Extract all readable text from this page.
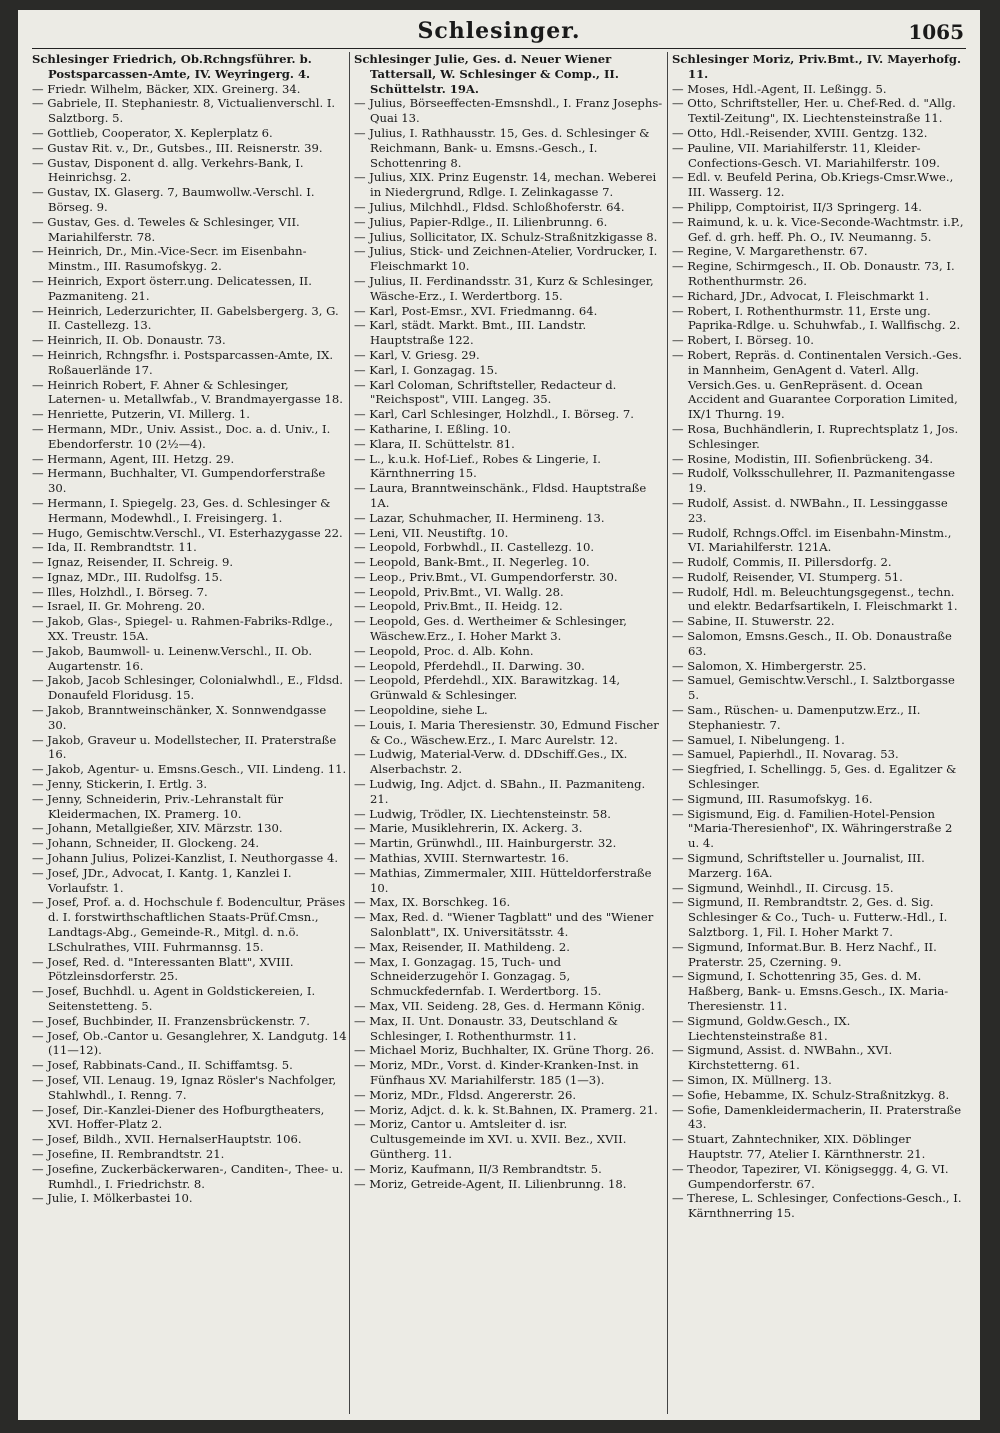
Schlesinger.	1065

Schlesinger Friedrich, Ob.Rchngsführer. b. Postsparcassen-Amte, IV. Weyringerg. 4.

— Friedr. Wilhelm, Bäcker, XIX. Greinerg. 34.

— Gabriele, II. Stephaniestr. 8, Victualienverschl. I. Salztborg. 5.

— Gottlieb, Cooperator, X. Keplerplatz 6.

— Gustav Rit. v., Dr., Gutsbes., III. Reisnerstr. 39.

— Gustav, Disponent d. allg. Verkehrs-Bank, I. Heinrichsg. 2.

— Gustav, IX. Glaserg. 7, Baumwollw.-Verschl. I. Börseg. 9.

— Gustav, Ges. d. Teweles & Schlesinger, VII. Mariahilferstr. 78.

— Heinrich, Dr., Min.-Vice-Secr. im Eisenbahn-Minstm., III. Rasumofskyg. 2.

— Heinrich, Export österr.ung. Delicatessen, II. Pazmaniteng. 21.

— Heinrich, Lederzurichter, II. Gabelsbergerg. 3, G. II. Castellezg. 13.

— Heinrich, II. Ob. Donaustr. 73.

— Heinrich, Rchngsfhr. i. Postsparcassen-Amte, IX. Roßauerlände 17.

— Heinrich Robert, F. Ahner & Schlesinger, Laternen- u. Metallwfab., V. Brandmayergasse 18.

— Henriette, Putzerin, VI. Millerg. 1.

— Hermann, MDr., Univ. Assist., Doc. a. d. Univ., I. Ebendorferstr. 10 (2½—4).

— Hermann, Agent, III. Hetzg. 29.

— Hermann, Buchhalter, VI. Gumpendorferstraße 30.

— Hermann, I. Spiegelg. 23, Ges. d. Schlesinger & Hermann, Modewhdl., I. Freisingerg. 1.

— Hugo, Gemischtw.Verschl., VI. Esterhazygasse 22.

— Ida, II. Rembrandtstr. 11.

— Ignaz, Reisender, II. Schreig. 9.

— Ignaz, MDr., III. Rudolfsg. 15.

— Illes, Holzhdl., I. Börseg. 7.

— Israel, II. Gr. Mohreng. 20.

— Jakob, Glas-, Spiegel- u. Rahmen-Fabriks-Rdlge., XX. Treustr. 15A.

— Jakob, Baumwoll- u. Leinenw.Verschl., II. Ob. Augartenstr. 16.

— Jakob, Jacob Schlesinger, Colonialwhdl., E., Fldsd. Donaufeld Floridusg. 15.

— Jakob, Branntweinschänker, X. Sonnwendgasse 30.

— Jakob, Graveur u. Modellstecher, II. Praterstraße 16.

— Jakob, Agentur- u. Emsns.Gesch., VII. Lindeng. 11.

— Jenny, Stickerin, I. Ertlg. 3.

— Jenny, Schneiderin, Priv.-Lehranstalt für Kleidermachen, IX. Pramerg. 10.

— Johann, Metallgießer, XIV. Märzstr. 130.

— Johann, Schneider, II. Glockeng. 24.

— Johann Julius, Polizei-Kanzlist, I. Neuthorgasse 4.

— Josef, JDr., Advocat, I. Kantg. 1, Kanzlei I. Vorlaufstr. 1.

— Josef, Prof. a. d. Hochschule f. Bodencultur, Präses d. I. forstwirthschaftlichen Staats-Prüf.Cmsn., Landtags-Abg., Gemeinde-R., Mitgl. d. n.ö. LSchulrathes, VIII. Fuhrmannsg. 15.

— Josef, Red. d. "Interessanten Blatt", XVIII. Pötzleinsdorferstr. 25.

— Josef, Buchhdl. u. Agent in Goldstickereien, I. Seitenstetteng. 5.

— Josef, Buchbinder, II. Franzensbrückenstr. 7.

— Josef, Ob.-Cantor u. Gesanglehrer, X. Landgutg. 14 (11—12).

— Josef, Rabbinats-Cand., II. Schiffamtsg. 5.

— Josef, VII. Lenaug. 19, Ignaz Rösler's Nachfolger, Stahlwhdl., I. Renng. 7.

— Josef, Dir.-Kanzlei-Diener des Hofburgtheaters, XVI. Hoffer-Platz 2.

— Josef, Bildh., XVII. HernalserHauptstr. 106.

— Josefine, II. Rembrandtstr. 21.

— Josefine, Zuckerbäckerwaren-, Canditen-, Thee- u. Rumhdl., I. Friedrichstr. 8.

— Julie, I. Mölkerbastei 10.

Schlesinger Julie, Ges. d. Neuer Wiener Tattersall, W. Schlesinger & Comp., II. Schüttelstr. 19A.

— Julius, Börseeffecten-Emsnshdl., I. Franz Josephs-Quai 13.

— Julius, I. Rathhausstr. 15, Ges. d. Schlesinger & Reichmann, Bank- u. Emsns.-Gesch., I. Schottenring 8.

— Julius, XIX. Prinz Eugenstr. 14, mechan. Weberei in Niedergrund, Rdlge. I. Zelinkagasse 7.

— Julius, Milchhdl., Fldsd. Schloßhoferstr. 64.

— Julius, Papier-Rdlge., II. Lilienbrunng. 6.

— Julius, Sollicitator, IX. Schulz-Straßnitzkigasse 8.

— Julius, Stick- und Zeichnen-Atelier, Vordrucker, I. Fleischmarkt 10.

— Julius, II. Ferdinandsstr. 31, Kurz & Schlesinger, Wäsche-Erz., I. Werdertborg. 15.

— Karl, Post-Emsr., XVI. Friedmanng. 64.

— Karl, städt. Markt. Bmt., III. Landstr. Hauptstraße 122.

— Karl, V. Griesg. 29.

— Karl, I. Gonzagag. 15.

— Karl Coloman, Schriftsteller, Redacteur d. "Reichspost", VIII. Langeg. 35.

— Karl, Carl Schlesinger, Holzhdl., I. Börseg. 7.

— Katharine, I. Eßling. 10.

— Klara, II. Schüttelstr. 81.

— L., k.u.k. Hof-Lief., Robes & Lingerie, I. Kärnthnerring 15.

— Laura, Branntweinschänk., Fldsd. Hauptstraße 1A.

— Lazar, Schuhmacher, II. Hermineng. 13.

— Leni, VII. Neustiftg. 10.

— Leopold, Forbwhdl., II. Castellezg. 10.

— Leopold, Bank-Bmt., II. Negerleg. 10.

— Leop., Priv.Bmt., VI. Gumpendorferstr. 30.

— Leopold, Priv.Bmt., VI. Wallg. 28.

— Leopold, Priv.Bmt., II. Heidg. 12.

— Leopold, Ges. d. Wertheimer & Schlesinger, Wäschew.Erz., I. Hoher Markt 3.

— Leopold, Proc. d. Alb. Kohn.

— Leopold, Pferdehdl., II. Darwing. 30.

— Leopold, Pferdehdl., XIX. Barawitzkag. 14, Grünwald & Schlesinger.

— Leopoldine, siehe L.

— Louis, I. Maria Theresienstr. 30, Edmund Fischer & Co., Wäschew.Erz., I. Marc Aurelstr. 12.

— Ludwig, Material-Verw. d. DDschiff.Ges., IX. Alserbachstr. 2.

— Ludwig, Ing. Adjct. d. SBahn., II. Pazmaniteng. 21.

— Ludwig, Trödler, IX. Liechtensteinstr. 58.

— Marie, Musiklehrerin, IX. Ackerg. 3.

— Martin, Grünwhdl., III. Hainburgerstr. 32.

— Mathias, XVIII. Sternwartestr. 16.

— Mathias, Zimmermaler, XIII. Hütteldorferstraße 10.

— Max, IX. Borschkeg. 16.

— Max, Red. d. "Wiener Tagblatt" und des "Wiener Salonblatt", IX. Universitätsstr. 4.

— Max, Reisender, II. Mathildeng. 2.

— Max, I. Gonzagag. 15, Tuch- und Schneiderzugehör I. Gonzagag. 5, Schmuckfedernfab. I. Werdertborg. 15.

— Max, VII. Seideng. 28, Ges. d. Hermann König.

— Max, II. Unt. Donaustr. 33, Deutschland & Schlesinger, I. Rothenthurmstr. 11.

— Michael Moriz, Buchhalter, IX. Grüne Thorg. 26.

— Moriz, MDr., Vorst. d. Kinder-Kranken-Inst. in Fünfhaus XV. Mariahilferstr. 185 (1—3).

— Moriz, MDr., Fldsd. Angererstr. 26.

— Moriz, Adjct. d. k. k. St.Bahnen, IX. Pramerg. 21.

— Moriz, Cantor u. Amtsleiter d. isr. Cultusgemeinde im XVI. u. XVII. Bez., XVII. Güntherg. 11.

— Moriz, Kaufmann, II/3 Rembrandtstr. 5.

— Moriz, Getreide-Agent, II. Lilienbrunng. 18.

Schlesinger Moriz, Priv.Bmt., IV. Mayerhofg. 11.

— Moses, Hdl.-Agent, II. Leßingg. 5.

— Otto, Schriftsteller, Her. u. Chef-Red. d. "Allg. Textil-Zeitung", IX. Liechtensteinstraße 11.

— Otto, Hdl.-Reisender, XVIII. Gentzg. 132.

— Pauline, VII. Mariahilferstr. 11, Kleider-Confections-Gesch. VI. Mariahilferstr. 109.

— Edl. v. Beufeld Perina, Ob.Kriegs-Cmsr.Wwe., III. Wasserg. 12.

— Philipp, Comptoirist, II/3 Springerg. 14.

— Raimund, k. u. k. Vice-Seconde-Wachtmstr. i.P., Gef. d. grh. heff. Ph. O., IV. Neumanng. 5.

— Regine, V. Margarethenstr. 67.

— Regine, Schirmgesch., II. Ob. Donaustr. 73, I. Rothenthurmstr. 26.

— Richard, JDr., Advocat, I. Fleischmarkt 1.

— Robert, I. Rothenthurmstr. 11, Erste ung. Paprika-Rdlge. u. Schuhwfab., I. Wallfischg. 2.

— Robert, I. Börseg. 10.

— Robert, Repräs. d. Continentalen Versich.-Ges. in Mannheim, GenAgent d. Vaterl. Allg. Versich.Ges. u. GenRepräsent. d. Ocean Accident and Guarantee Corporation Limited, IX/1 Thurng. 19.

— Rosa, Buchhändlerin, I. Ruprechtsplatz 1, Jos. Schlesinger.

— Rosine, Modistin, III. Sofienbrückeng. 34.

— Rudolf, Volksschullehrer, II. Pazmanitengasse 19.

— Rudolf, Assist. d. NWBahn., II. Lessinggasse 23.

— Rudolf, Rchngs.Offcl. im Eisenbahn-Minstm., VI. Mariahilferstr. 121A.

— Rudolf, Commis, II. Pillersdorfg. 2.

— Rudolf, Reisender, VI. Stumperg. 51.

— Rudolf, Hdl. m. Beleuchtungsgegenst., techn. und elektr. Bedarfsartikeln, I. Fleischmarkt 1.

— Sabine, II. Stuwerstr. 22.

— Salomon, Emsns.Gesch., II. Ob. Donaustraße 63.

— Salomon, X. Himbergerstr. 25.

— Samuel, Gemischtw.Verschl., I. Salztborgasse 5.

— Sam., Rüschen- u. Damenputzw.Erz., II. Stephaniestr. 7.

— Samuel, I. Nibelungeng. 1.

— Samuel, Papierhdl., II. Novarag. 53.

— Siegfried, I. Schellingg. 5, Ges. d. Egalitzer & Schlesinger.

— Sigmund, III. Rasumofskyg. 16.

— Sigismund, Eig. d. Familien-Hotel-Pension "Maria-Theresienhof", IX. Währingerstraße 2 u. 4.

— Sigmund, Schriftsteller u. Journalist, III. Marzerg. 16A.

— Sigmund, Weinhdl., II. Circusg. 15.

— Sigmund, II. Rembrandtstr. 2, Ges. d. Sig. Schlesinger & Co., Tuch- u. Futterw.-Hdl., I. Salztborg. 1, Fil. I. Hoher Markt 7.

— Sigmund, Informat.Bur. B. Herz Nachf., II. Praterstr. 25, Czerning. 9.

— Sigmund, I. Schottenring 35, Ges. d. M. Haßberg, Bank- u. Emsns.Gesch., IX. Maria-Theresienstr. 11.

— Sigmund, Goldw.Gesch., IX. Liechtensteinstraße 81.

— Sigmund, Assist. d. NWBahn., XVI. Kirchstetterng. 61.

— Simon, IX. Müllnerg. 13.

— Sofie, Hebamme, IX. Schulz-Straßnitzkyg. 8.

— Sofie, Damenkleidermacherin, II. Praterstraße 43.

— Stuart, Zahntechniker, XIX. Döblinger Hauptstr. 77, Atelier I. Kärnthnerstr. 21.

— Theodor, Tapezirer, VI. Königseggg. 4, G. VI. Gumpendorferstr. 67.

— Therese, L. Schlesinger, Confections-Gesch., I. Kärnthnerring 15.
